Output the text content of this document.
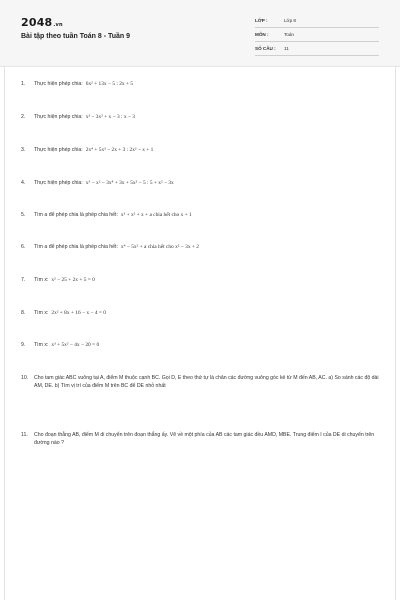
2048.vn
Bài tập theo tuần Toán 8 - Tuần 9
LỚP :	Lớp 8
MÔN :	Toán
SỐ CÂU : 11
1. Thực hiện phép chia: 6x² + 13x − 5 : 2x + 5
2. Thực hiện phép chia: x³ − 3x² + x − 3 : x − 3
3. Thực hiện phép chia: 2x⁴ + 5x³ − 2x + 3 : 2x² − x + 1
4. Thực hiện phép chia: x⁵ − x² − 3x⁴ + 3x + 5x³ − 5 : 5 + x² − 3x
5. Tìm a để phép chia là phép chia hết: x³ + x² + x + a chia hết cho x + 1
6. Tìm a để phép chia là phép chia hết: x⁴ − 5x² + a chia hết cho x² − 3x + 2
7. Tìm x: x² − 25 + 2x + 5 = 0
8. Tìm x: 2x² + 8x + 16 − x − 4 = 0
9. Tìm x: x³ + 5x² − 4x − 20 = 0
10. Cho tam giác ABC vuông tại A, điểm M thuộc cạnh BC. Gọi D, E theo thứ tự là chân các đường vuông góc kẻ từ M đến AB, AC. a) So sánh các độ dài AM, DE. b) Tìm vị trí của điểm M trên BC để DE nhỏ nhất
11. Cho đoạn thẳng AB, điểm M di chuyển trên đoạn thẳng ấy. Vẽ về một phía của AB các tam giác đều AMD, MBE. Trung điểm I của DE di chuyển trên đường nào ?
